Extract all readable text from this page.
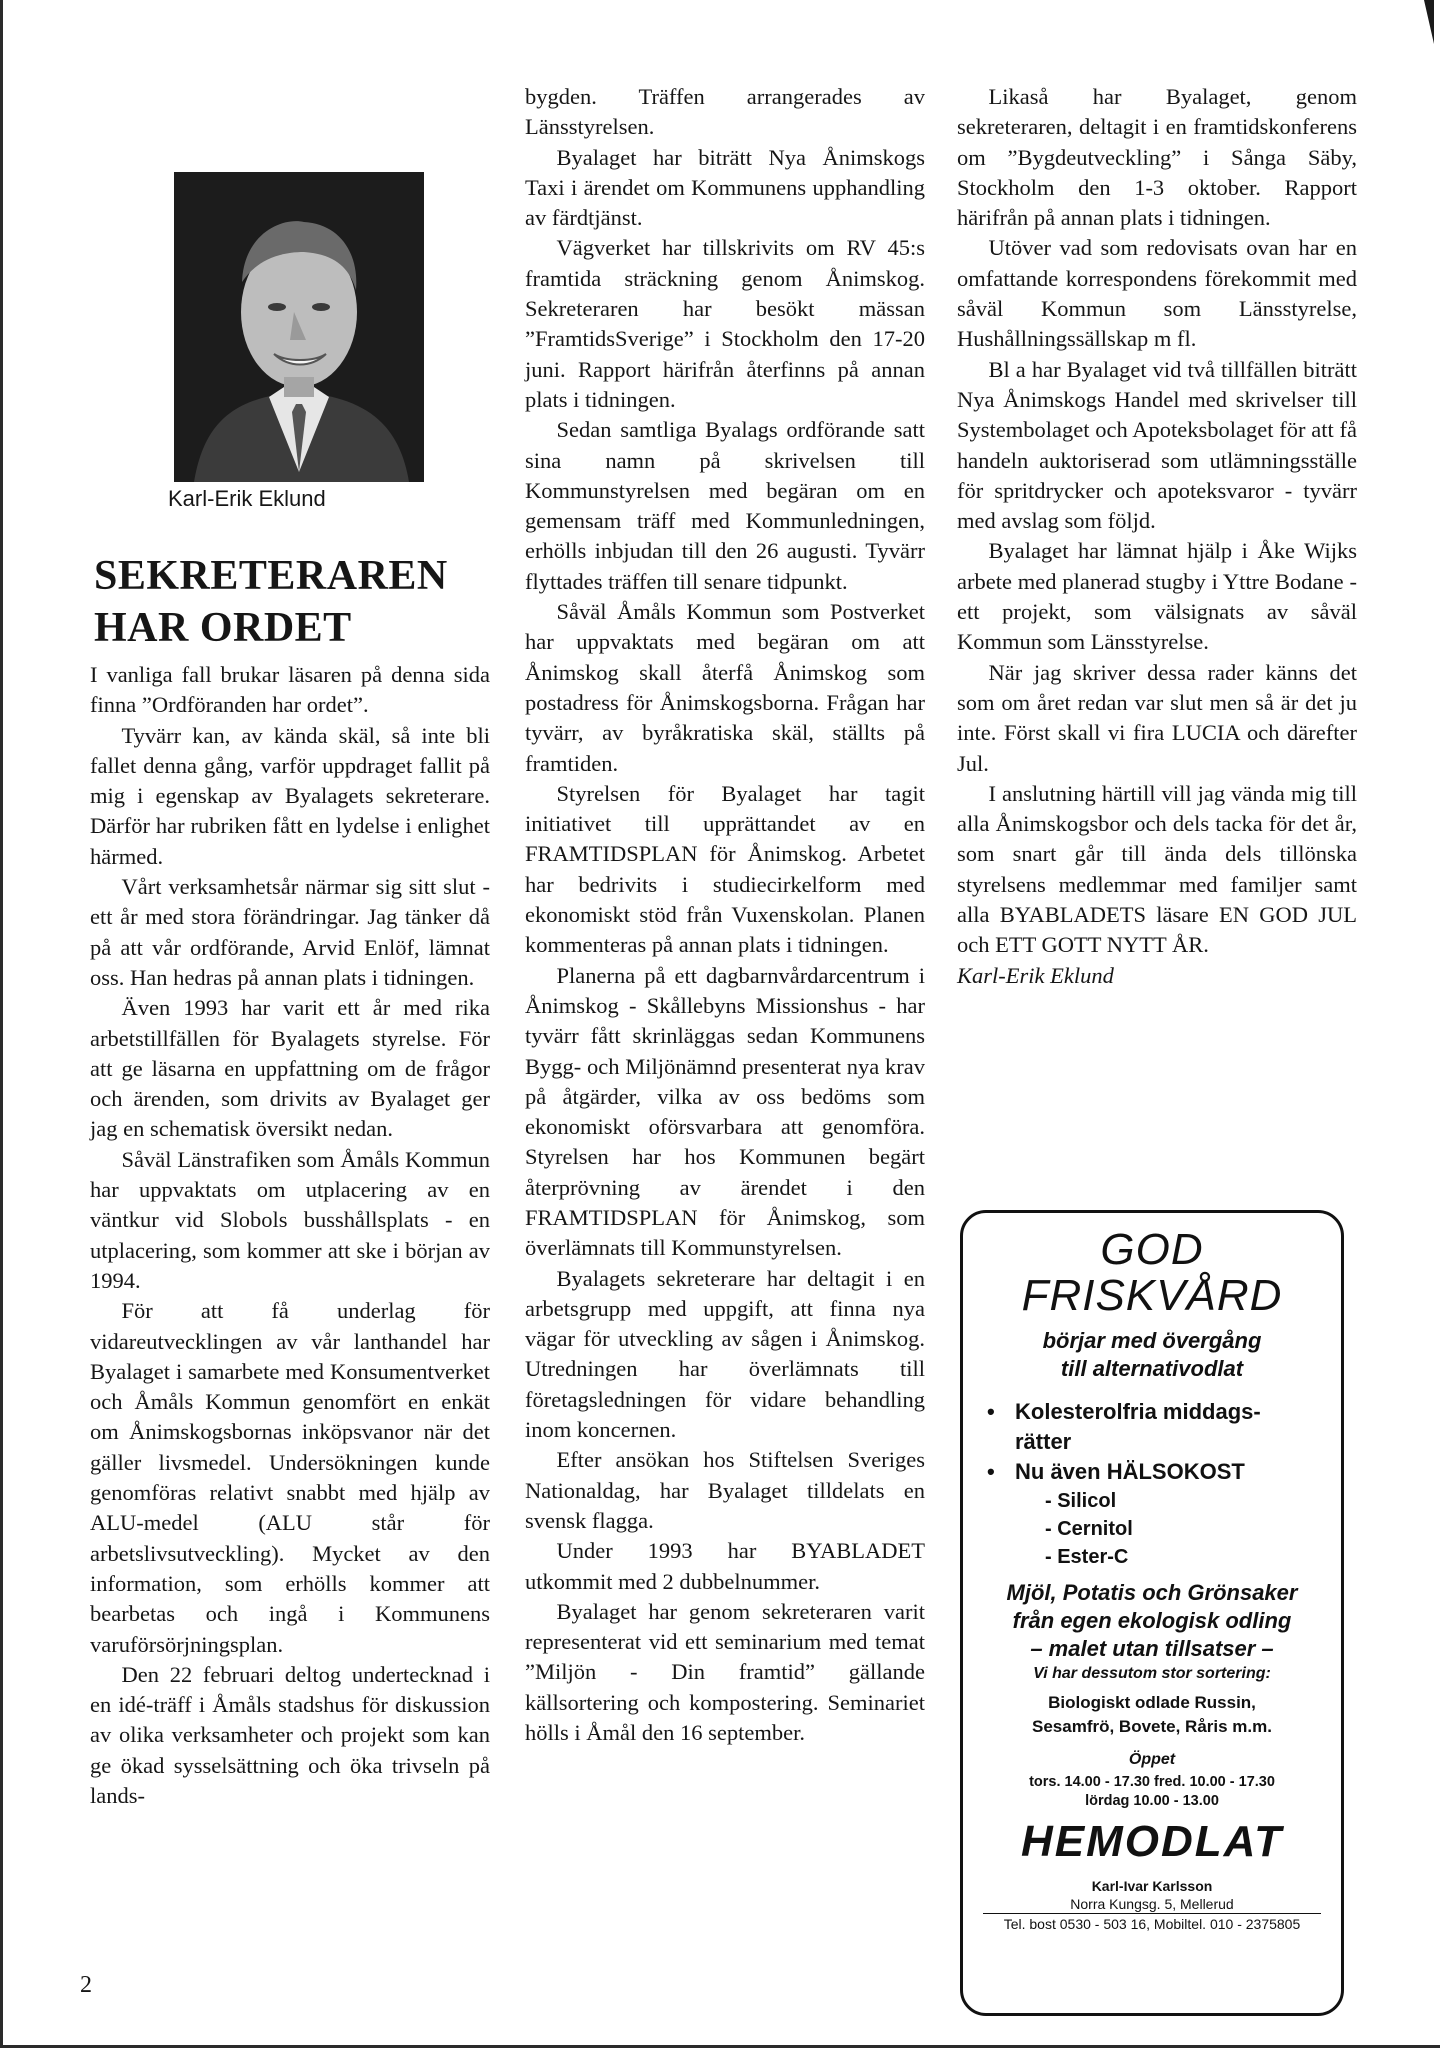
Karl-Erik Eklund
SEKRETERAREN
HAR ORDET

I vanliga fall brukar läsaren på denna sida finna ”Ordföranden har ordet”.

Tyvärr kan, av kända skäl, så inte bli fallet denna gång, varför uppdraget fallit på mig i egenskap av Byalagets sekreterare. Därför har rubriken fått en lydelse i enlighet härmed.

Vårt verksamhetsår närmar sig sitt slut - ett år med stora förändringar. Jag tänker då på att vår ordförande, Arvid Enlöf, lämnat oss. Han hedras på annan plats i tidningen.

Även 1993 har varit ett år med rika arbetstillfällen för Byalagets styrelse. För att ge läsarna en uppfattning om de frågor och ärenden, som drivits av Byalaget ger jag en schematisk översikt nedan.

Såväl Länstrafiken som Åmåls Kommun har uppvaktats om utplacering av en väntkur vid Slobols busshållsplats - en utplacering, som kommer att ske i början av 1994.

För att få underlag för vidareutvecklingen av vår lanthandel har Byalaget i samarbete med Konsumentverket och Åmåls Kommun genomfört en enkät om Ånimskogsbornas inköpsvanor när det gäller livsmedel. Undersökningen kunde genomföras relativt snabbt med hjälp av ALU-medel (ALU står för arbetslivsutveckling). Mycket av den information, som erhölls kommer att bearbetas och ingå i Kommunens varuförsörjningsplan.

Den 22 februari deltog undertecknad i en idé-träff i Åmåls stadshus för diskussion av olika verksamheter och projekt som kan ge ökad sysselsättning och öka trivseln på lands-

bygden. Träffen arrangerades av Länsstyrelsen.

Byalaget har biträtt Nya Ånimskogs Taxi i ärendet om Kommunens upphandling av färdtjänst.

Vägverket har tillskrivits om RV 45:s framtida sträckning genom Ånimskog. Sekreteraren har besökt mässan ”FramtidsSverige” i Stockholm den 17-20 juni. Rapport härifrån återfinns på annan plats i tidningen.

Sedan samtliga Byalags ordförande satt sina namn på skrivelsen till Kommunstyrelsen med begäran om en gemensam träff med Kommunledningen, erhölls inbjudan till den 26 augusti. Tyvärr flyttades träffen till senare tidpunkt.

Såväl Åmåls Kommun som Postverket har uppvaktats med begäran om att Ånimskog skall återfå Ånimskog som postadress för Ånimskogsborna. Frågan har tyvärr, av byråkratiska skäl, ställts på framtiden.

Styrelsen för Byalaget har tagit initiativet till upprättandet av en FRAMTIDSPLAN för Ånimskog. Arbetet har bedrivits i studiecirkelform med ekonomiskt stöd från Vuxenskolan. Planen kommenteras på annan plats i tidningen.

Planerna på ett dagbarnvårdarcentrum i Ånimskog - Skållebyns Missionshus - har tyvärr fått skrinläggas sedan Kommunens Bygg- och Miljönämnd presenterat nya krav på åtgärder, vilka av oss bedöms som ekonomiskt oförsvarbara att genomföra. Styrelsen har hos Kommunen begärt återprövning av ärendet i den FRAMTIDSPLAN för Ånimskog, som överlämnats till Kommunstyrelsen.

Byalagets sekreterare har deltagit i en arbetsgrupp med uppgift, att finna nya vägar för utveckling av sågen i Ånimskog. Utredningen har överlämnats till företagsledningen för vidare behandling inom koncernen.

Efter ansökan hos Stiftelsen Sveriges Nationaldag, har Byalaget tilldelats en svensk flagga.

Under 1993 har BYABLADET utkommit med 2 dubbelnummer.

Byalaget har genom sekreteraren varit representerat vid ett seminarium med temat ”Miljön - Din framtid” gällande källsortering och kompostering. Seminariet hölls i Åmål den 16 september.

Likaså har Byalaget, genom sekreteraren, deltagit i en framtidskonferens om ”Bygdeutveckling” i Sånga Säby, Stockholm den 1-3 oktober. Rapport härifrån på annan plats i tidningen.

Utöver vad som redovisats ovan har en omfattande korrespondens förekommit med såväl Kommun som Länsstyrelse, Hushållningssällskap m fl.

Bl a har Byalaget vid två tillfällen biträtt Nya Ånimskogs Handel med skrivelser till Systembolaget och Apoteksbolaget för att få handeln auktoriserad som utlämningsställe för spritdrycker och apoteksvaror - tyvärr med avslag som följd.

Byalaget har lämnat hjälp i Åke Wijks arbete med planerad stugby i Yttre Bodane - ett projekt, som välsignats av såväl Kommun som Länsstyrelse.

När jag skriver dessa rader känns det som om året redan var slut men så är det ju inte. Först skall vi fira LUCIA och därefter Jul.

I anslutning härtill vill jag vända mig till alla Ånimskogsbor och dels tacka för det år, som snart går till ända dels tillönska styrelsens medlemmar med familjer samt alla BYABLADETS läsare EN GOD JUL och ETT GOTT NYTT ÅR.

Karl-Erik Eklund

GOD
FRISKVÅRD
börjar med övergång
till alternativodlat
• Kolesterolfria middags-
rätter
• Nu även HÄLSOKOST
- Silicol
- Cernitol
- Ester-C
Mjöl, Potatis och Grönsaker
från egen ekologisk odling
– malet utan tillsatser –
Vi har dessutom stor sortering:
Biologiskt odlade Russin,
Sesamfrö, Bovete, Råris m.m.
Öppet
tors. 14.00 - 17.30 fred. 10.00 - 17.30
lördag 10.00 - 13.00
HEMODLAT
Karl-Ivar Karlsson
Norra Kungsg. 5, Mellerud
Tel. bost 0530 - 503 16, Mobiltel. 010 - 2375805
2
